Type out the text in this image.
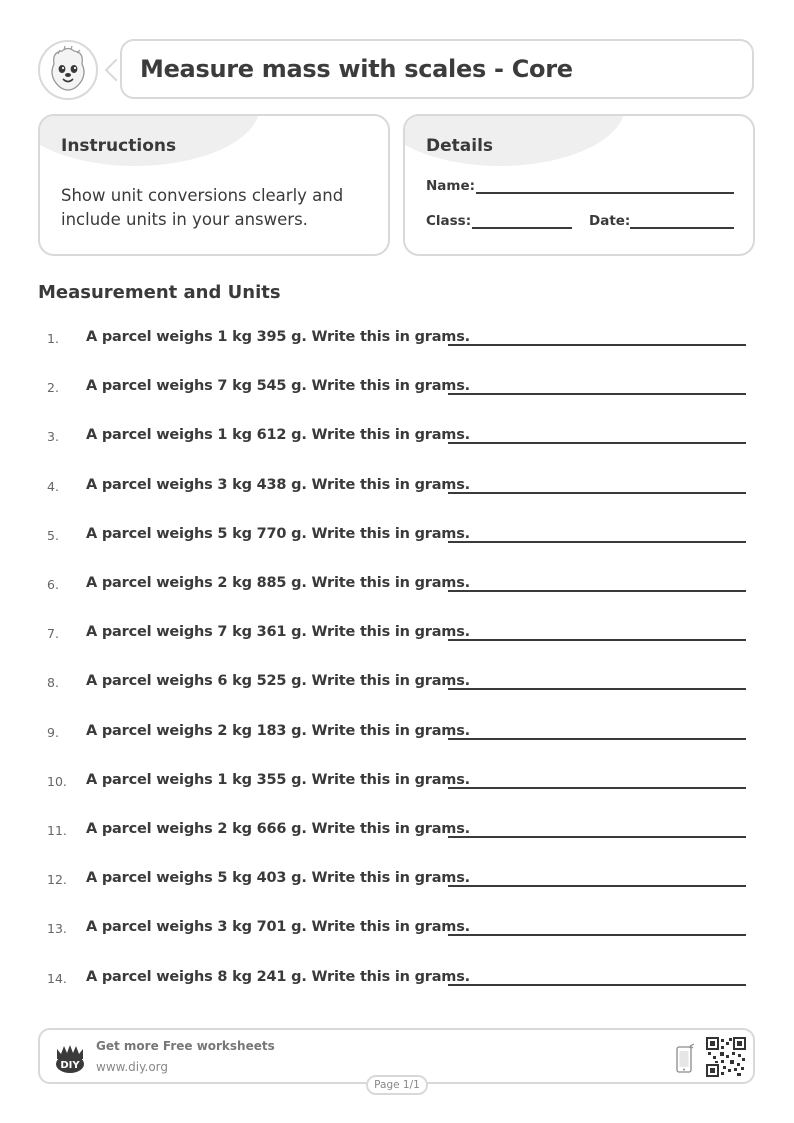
Measure mass with scales - Core
Instructions
Show unit conversions clearly and include units in your answers.
Details
Name:
Class:	Date:
Measurement and Units
1. A parcel weighs 1 kg 395 g. Write this in grams.
2. A parcel weighs 7 kg 545 g. Write this in grams.
3. A parcel weighs 1 kg 612 g. Write this in grams.
4. A parcel weighs 3 kg 438 g. Write this in grams.
5. A parcel weighs 5 kg 770 g. Write this in grams.
6. A parcel weighs 2 kg 885 g. Write this in grams.
7. A parcel weighs 7 kg 361 g. Write this in grams.
8. A parcel weighs 6 kg 525 g. Write this in grams.
9. A parcel weighs 2 kg 183 g. Write this in grams.
10. A parcel weighs 1 kg 355 g. Write this in grams.
11. A parcel weighs 2 kg 666 g. Write this in grams.
12. A parcel weighs 5 kg 403 g. Write this in grams.
13. A parcel weighs 3 kg 701 g. Write this in grams.
14. A parcel weighs 8 kg 241 g. Write this in grams.
DIY
Get more Free worksheets
www.diy.org
Page 1/1
